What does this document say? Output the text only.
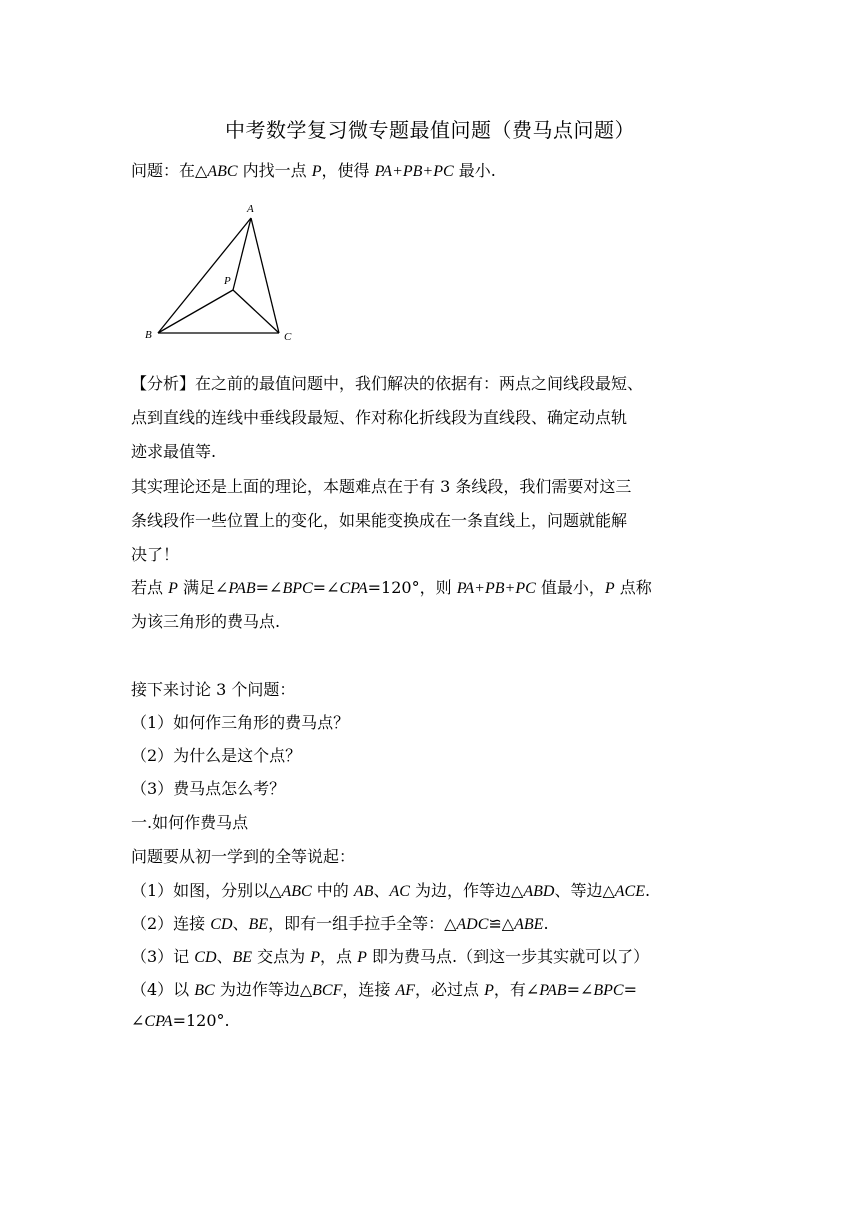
中考数学复习微专题最值问题（费马点问题）
问题：在△ABC 内找一点 P，使得 PA+PB+PC 最小.
A
B	C
P
【分析】在之前的最值问题中，我们解决的依据有：两点之间线段最短、
点到直线的连线中垂线段最短、作对称化折线段为直线段、确定动点轨
迹求最值等.
其实理论还是上面的理论，本题难点在于有 3 条线段，我们需要对这三
条线段作一些位置上的变化，如果能变换成在一条直线上，问题就能解
决了！
若点 P 满足∠PAB=∠BPC=∠CPA=120°，则 PA+PB+PC 值最小，P 点称
为该三角形的费马点.
接下来讨论 3 个问题：
（1）如何作三角形的费马点？
（2）为什么是这个点？
（3）费马点怎么考？
一.如何作费马点
问题要从初一学到的全等说起：
（1）如图，分别以△ABC 中的 AB、AC 为边，作等边△ABD、等边△ACE.
（2）连接 CD、BE，即有一组手拉手全等：△ADC≌△ABE.
（3）记 CD、BE 交点为 P，点 P 即为费马点.（到这一步其实就可以了）
（4）以 BC 为边作等边△BCF，连接 AF，必过点 P，有∠PAB=∠BPC=
∠CPA=120°.
